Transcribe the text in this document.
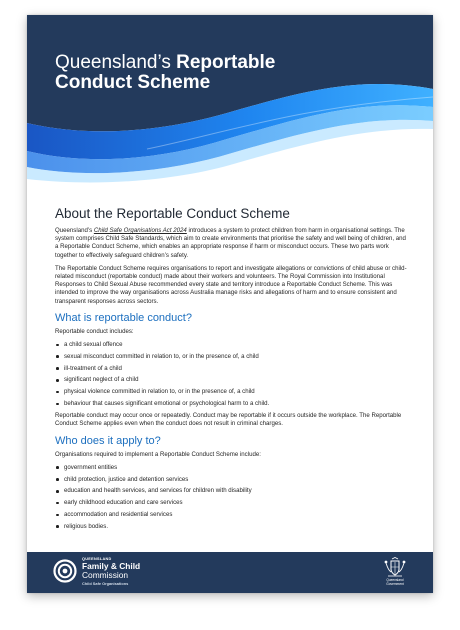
Queensland’s Reportable
Conduct Scheme
About the Reportable Conduct Scheme

Queensland’s Child Safe Organisations Act 2024 introduces a system to protect children from harm in organisational settings. The system comprises Child Safe Standards, which aim to create environments that prioritise the safety and well being of children, and a Reportable Conduct Scheme, which enables an appropriate response if harm or misconduct occurs. These two parts work together to effectively safeguard children’s safety.

The Reportable Conduct Scheme requires organisations to report and investigate allegations or convictions of child abuse or child-related misconduct (reportable conduct) made about their workers and volunteers. The Royal Commission into Institutional Responses to Child Sexual Abuse recommended every state and territory introduce a Reportable Conduct Scheme. This was intended to improve the way organisations across Australia manage risks and allegations of harm and to ensure consistent and transparent responses across sectors.

What is reportable conduct?

Reportable conduct includes:

a child sexual offence
sexual misconduct committed in relation to, or in the presence of, a child
ill-treatment of a child
significant neglect of a child
physical violence committed in relation to, or in the presence of, a child
behaviour that causes significant emotional or psychological harm to a child.

Reportable conduct may occur once or repeatedly. Conduct may be reportable if it occurs outside the workplace. The Reportable Conduct Scheme applies even when the conduct does not result in criminal charges.

Who does it apply to?

Organisations required to implement a Reportable Conduct Scheme include:

government entities
child protection, justice and detention services
education and health services, and services for children with disability
early childhood education and care services
accommodation and residential services
religious bodies.
QUEENSLAND
Family & Child
Commission
Child Safe Organisations
Queensland
Government
